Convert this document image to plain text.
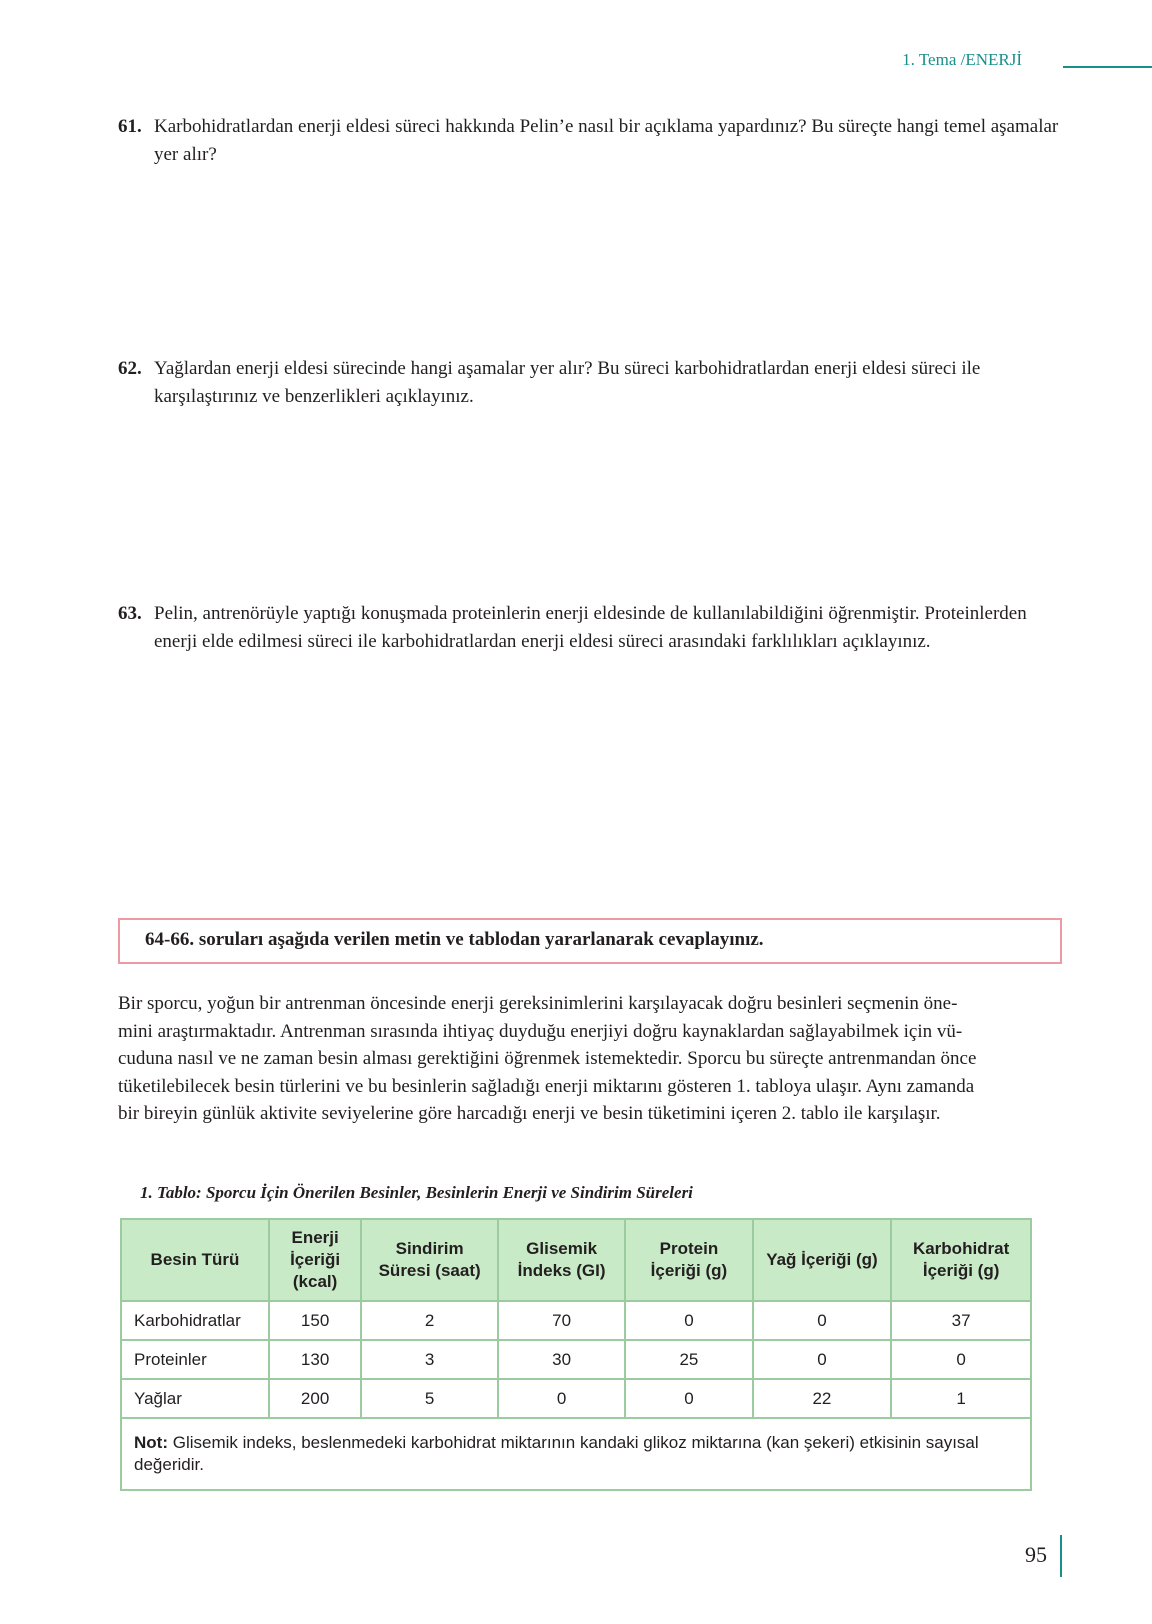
1. Tema /ENERJİ
61. Karbohidratlardan enerji eldesi süreci hakkında Pelin’e nasıl bir açıklama yapardınız? Bu süreçte hangi temel aşamalar yer alır?
62. Yağlardan enerji eldesi sürecinde hangi aşamalar yer alır? Bu süreci karbohidratlardan enerji eldesi süreci ile karşılaştırınız ve benzerlikleri açıklayınız.
63. Pelin, antrenörüyle yaptığı konuşmada proteinlerin enerji eldesinde de kullanılabildiğini öğrenmiştir. Proteinlerden enerji elde edilmesi süreci ile karbohidratlardan enerji eldesi süreci arasındaki farklılıkları açıklayınız.
64-66. soruları aşağıda verilen metin ve tablodan yararlanarak cevaplayınız.
Bir sporcu, yoğun bir antrenman öncesinde enerji gereksinimlerini karşılayacak doğru besinleri seçmenin öne-
mini araştırmaktadır. Antrenman sırasında ihtiyaç duyduğu enerjiyi doğru kaynaklardan sağlayabilmek için vü-
cuduna nasıl ve ne zaman besin alması gerektiğini öğrenmek istemektedir. Sporcu bu süreçte antrenmandan önce
tüketilebilecek besin türlerini ve bu besinlerin sağladığı enerji miktarını gösteren 1. tabloya ulaşır. Aynı zamanda
bir bireyin günlük aktivite seviyelerine göre harcadığı enerji ve besin tüketimini içeren 2. tablo ile karşılaşır.
1. Tablo: Sporcu İçin Önerilen Besinler, Besinlerin Enerji ve Sindirim Süreleri
Besin Türü	Enerji İçeriği (kcal)	Sindirim Süresi (saat)	Glisemik İndeks (GI)	Protein İçeriği (g)	Yağ İçeriği (g)	Karbohidrat İçeriği (g)
Karbohidratlar	150	2	70	0	0	37
Proteinler	130	3	30	25	0	0
Yağlar	200	5	0	0	22	1
Not: Glisemik indeks, beslenmedeki karbohidrat miktarının kandaki glikoz miktarına (kan şekeri) etkisinin sayısal değeridir.						
95
